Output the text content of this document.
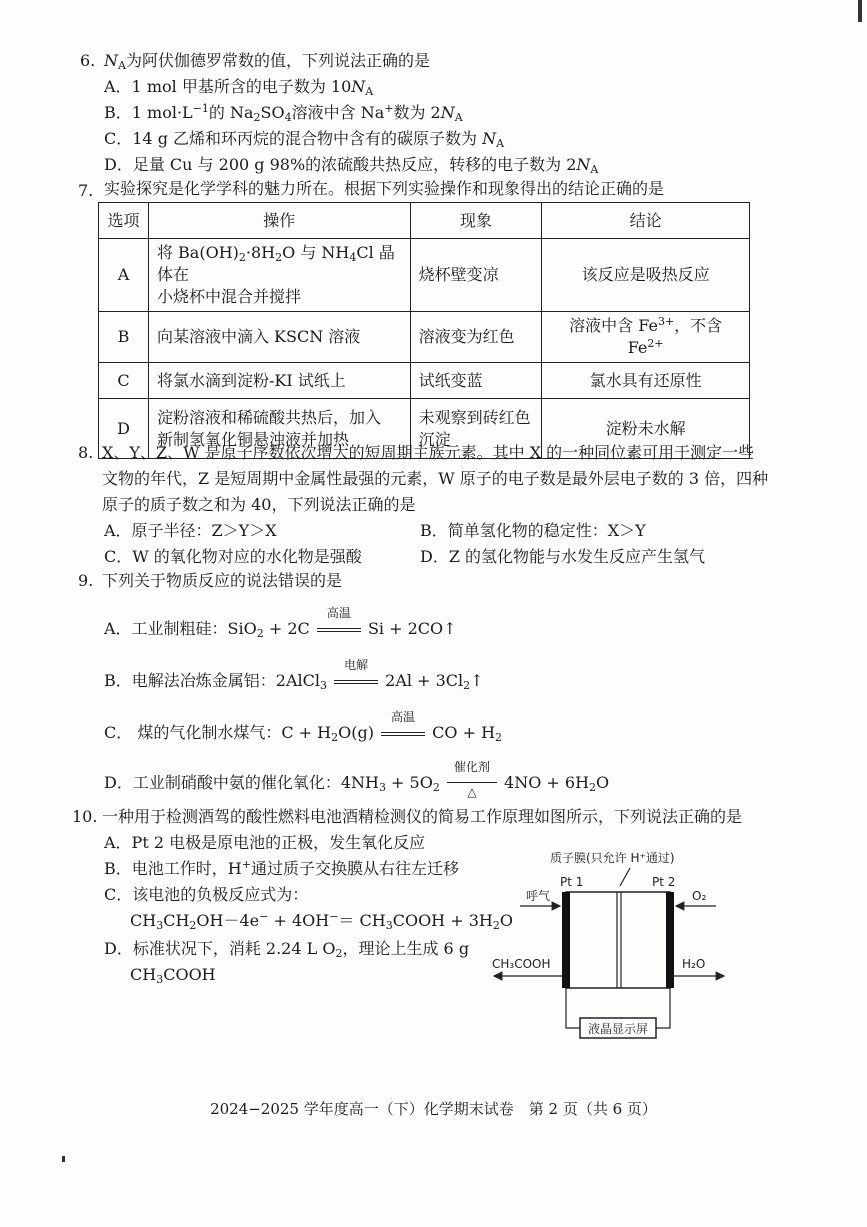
6. $N_A$为阿伏伽德罗常数的值，下列说法正确的是
A．1 mol 甲基所含的电子数为 $10N_A$
B．1 $mol\cdot L^{-1}$的 $Na_2SO_4$溶液中含 Na+数为 $2N_A$
C．14 g 乙烯和环丙烷的混合物中含有的碳原子数为 $N_A$
D．足量 Cu 与 200 g 98%的浓硫酸共热反应，转移的电子数为 $2N_A$
7. 实验探究是化学学科的魅力所在。根据下列实验操作和现象得出的结论正确的是
选项	操作	现象	结论
A	将 $Ba(OH)_2\cdot 8H_2O$ 与 $NH_4Cl$ 晶体在
小烧杯中混合并搅拌	烧杯壁变凉	该反应是吸热反应
B	向某溶液中滴入 KSCN 溶液	溶液变为红色	溶液中含 $Fe^{3+}$，不含 $Fe^{2+}$
C	将氯水滴到淀粉-KI 试纸上	试纸变蓝	氯水具有还原性
D	淀粉溶液和稀硫酸共热后，加入
新制氢氧化铜悬浊液并加热	未观察到砖红色
沉淀	淀粉未水解
8. X、Y、Z、W 是原子序数依次增大的短周期主族元素。其中 X 的一种同位素可用于测定一些
文物的年代，Z 是短周期中金属性最强的元素，W 原子的电子数是最外层电子数的 3 倍，四种
原子的质子数之和为 40，下列说法正确的是
A．原子半径：Z＞Y＞X	B．简单氢化物的稳定性：X＞Y
C．W 的氧化物对应的水化物是强酸	D．Z 的氢化物能与水发生反应产生氢气
9. 下列关于物质反应的说法错误的是
A．工业制粗硅：SiO$_2$ + 2C
高温
Si + 2CO↑
B．电解法冶炼金属铝：2AlCl$_3$
电解
$2Al + 3Cl_2↑$
C． 煤的气化制水煤气：$C + H_2O(g)$
高温
CO + $H_2$
D．工业制硝酸中氨的催化氧化：$4NH_3 + 5O_2$
催化剂
△	$4NO + 6H_2O$
10. 一种用于检测酒驾的酸性燃料电池酒精检测仪的简易工作原理如图所示，下列说法正确的是
A．Pt 2 电极是原电池的正极，发生氧化反应
B．电池工作时，H+通过质子交换膜从右往左迁移
C．该电池的负极反应式为：
$CH_3CH_2OH-4e^- + 4OH^-=$ $CH_3COOH + 3H_2O$
D．标准状况下，消耗 2.24 L $O_2$，理论上生成 6 g
$CH_3COOH$
质子膜(只允许 H⁺通过)
Pt 1	Pt 2
呼气	O₂
CH₃COOH	H₂O
液晶显示屏
2024−2025 学年度高一（下）化学期末试卷　第 2 页（共 6 页）
